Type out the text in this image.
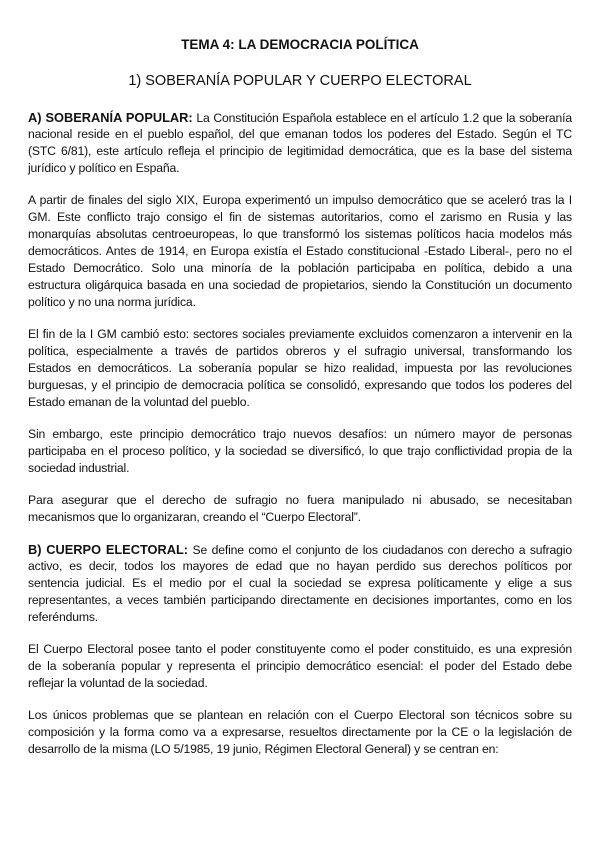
TEMA 4: LA DEMOCRACIA POLÍTICA
1) SOBERANÍA POPULAR Y CUERPO ELECTORAL
A) SOBERANÍA POPULAR: La Constitución Española establece en el artículo 1.2 que la soberanía
nacional reside en el pueblo español, del que emanan todos los poderes del Estado. Según el TC
(STC 6/81), este artículo refleja el principio de legitimidad democrática, que es la base del sistema
jurídico y político en España.
A partir de finales del siglo XIX, Europa experimentó un impulso democrático que se aceleró tras la I
GM. Este conflicto trajo consigo el fin de sistemas autoritarios, como el zarismo en Rusia y las
monarquías absolutas centroeuropeas, lo que transformó los sistemas políticos hacia modelos más
democráticos. Antes de 1914, en Europa existía el Estado constitucional -Estado Liberal-, pero no el
Estado Democrático. Solo una minoría de la población participaba en política, debido a una
estructura oligárquica basada en una sociedad de propietarios, siendo la Constitución un documento
político y no una norma jurídica.
El fin de la I GM cambió esto: sectores sociales previamente excluidos comenzaron a intervenir en la
política, especialmente a través de partidos obreros y el sufragio universal, transformando los
Estados en democráticos. La soberanía popular se hizo realidad, impuesta por las revoluciones
burguesas, y el principio de democracia política se consolidó, expresando que todos los poderes del
Estado emanan de la voluntad del pueblo.
Sin embargo, este principio democrático trajo nuevos desafíos: un número mayor de personas
participaba en el proceso político, y la sociedad se diversificó, lo que trajo conflictividad propia de la
sociedad industrial.
Para asegurar que el derecho de sufragio no fuera manipulado ni abusado, se necesitaban
mecanismos que lo organizaran, creando el “Cuerpo Electoral”.
B) CUERPO ELECTORAL: Se define como el conjunto de los ciudadanos con derecho a sufragio
activo, es decir, todos los mayores de edad que no hayan perdido sus derechos políticos por
sentencia judicial. Es el medio por el cual la sociedad se expresa políticamente y elige a sus
representantes, a veces también participando directamente en decisiones importantes, como en los
referéndums.
El Cuerpo Electoral posee tanto el poder constituyente como el poder constituido, es una expresión
de la soberanía popular y representa el principio democrático esencial: el poder del Estado debe
reflejar la voluntad de la sociedad.
Los únicos problemas que se plantean en relación con el Cuerpo Electoral son técnicos sobre su
composición y la forma como va a expresarse, resueltos directamente por la CE o la legislación de
desarrollo de la misma (LO 5/1985, 19 junio, Régimen Electoral General) y se centran en:
